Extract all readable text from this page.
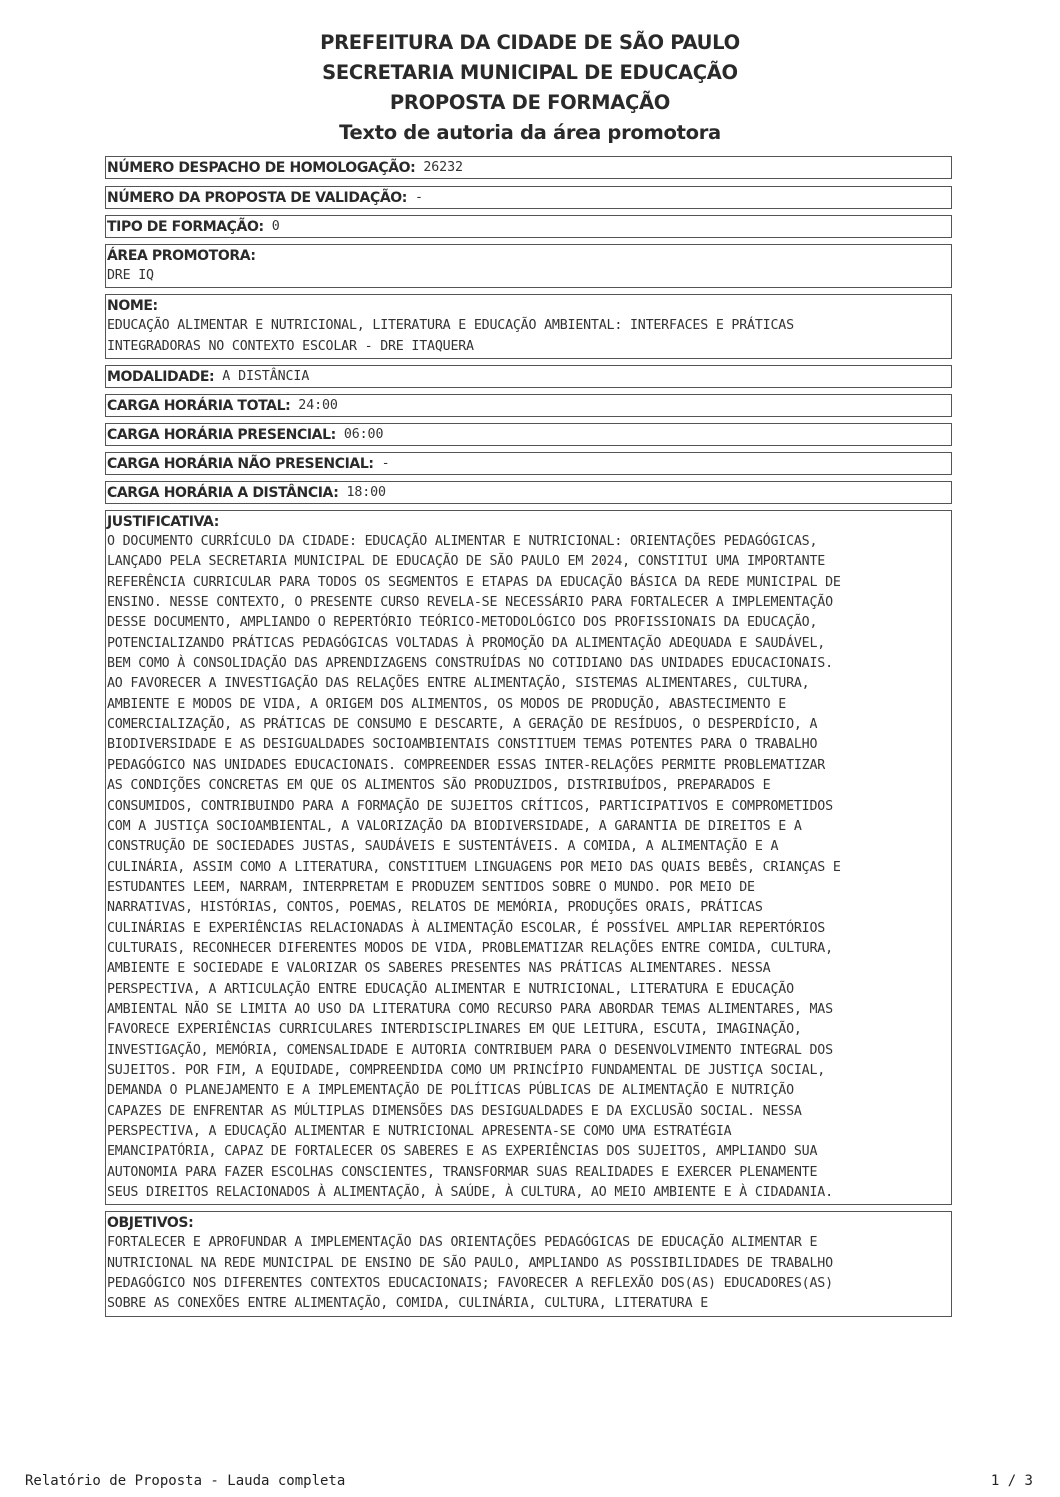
PREFEITURA DA CIDADE DE SÃO PAULO
SECRETARIA MUNICIPAL DE EDUCAÇÃO
PROPOSTA DE FORMAÇÃO
Texto de autoria da área promotora
NÚMERO DESPACHO DE HOMOLOGAÇÃO: 26232
NÚMERO DA PROPOSTA DE VALIDAÇÃO: -
TIPO DE FORMAÇÃO: 0
ÁREA PROMOTORA:
DRE IQ
NOME:
EDUCAÇÃO ALIMENTAR E NUTRICIONAL, LITERATURA E EDUCAÇÃO AMBIENTAL: INTERFACES E PRÁTICAS
INTEGRADORAS NO CONTEXTO ESCOLAR - DRE ITAQUERA
MODALIDADE: A DISTÂNCIA
CARGA HORÁRIA TOTAL: 24:00
CARGA HORÁRIA PRESENCIAL: 06:00
CARGA HORÁRIA NÃO PRESENCIAL: -
CARGA HORÁRIA A DISTÂNCIA: 18:00
JUSTIFICATIVA:
O DOCUMENTO CURRÍCULO DA CIDADE: EDUCAÇÃO ALIMENTAR E NUTRICIONAL: ORIENTAÇÕES PEDAGÓGICAS,
LANÇADO PELA SECRETARIA MUNICIPAL DE EDUCAÇÃO DE SÃO PAULO EM 2024, CONSTITUI UMA IMPORTANTE
REFERÊNCIA CURRICULAR PARA TODOS OS SEGMENTOS E ETAPAS DA EDUCAÇÃO BÁSICA DA REDE MUNICIPAL DE
ENSINO. NESSE CONTEXTO, O PRESENTE CURSO REVELA-SE NECESSÁRIO PARA FORTALECER A IMPLEMENTAÇÃO
DESSE DOCUMENTO, AMPLIANDO O REPERTÓRIO TEÓRICO-METODOLÓGICO DOS PROFISSIONAIS DA EDUCAÇÃO,
POTENCIALIZANDO PRÁTICAS PEDAGÓGICAS VOLTADAS À PROMOÇÃO DA ALIMENTAÇÃO ADEQUADA E SAUDÁVEL,
BEM COMO À CONSOLIDAÇÃO DAS APRENDIZAGENS CONSTRUÍDAS NO COTIDIANO DAS UNIDADES EDUCACIONAIS.
AO FAVORECER A INVESTIGAÇÃO DAS RELAÇÕES ENTRE ALIMENTAÇÃO, SISTEMAS ALIMENTARES, CULTURA,
AMBIENTE E MODOS DE VIDA, A ORIGEM DOS ALIMENTOS, OS MODOS DE PRODUÇÃO, ABASTECIMENTO E
COMERCIALIZAÇÃO, AS PRÁTICAS DE CONSUMO E DESCARTE, A GERAÇÃO DE RESÍDUOS, O DESPERDÍCIO, A
BIODIVERSIDADE E AS DESIGUALDADES SOCIOAMBIENTAIS CONSTITUEM TEMAS POTENTES PARA O TRABALHO
PEDAGÓGICO NAS UNIDADES EDUCACIONAIS. COMPREENDER ESSAS INTER-RELAÇÕES PERMITE PROBLEMATIZAR
AS CONDIÇÕES CONCRETAS EM QUE OS ALIMENTOS SÃO PRODUZIDOS, DISTRIBUÍDOS, PREPARADOS E
CONSUMIDOS, CONTRIBUINDO PARA A FORMAÇÃO DE SUJEITOS CRÍTICOS, PARTICIPATIVOS E COMPROMETIDOS
COM A JUSTIÇA SOCIOAMBIENTAL, A VALORIZAÇÃO DA BIODIVERSIDADE, A GARANTIA DE DIREITOS E A
CONSTRUÇÃO DE SOCIEDADES JUSTAS, SAUDÁVEIS E SUSTENTÁVEIS. A COMIDA, A ALIMENTAÇÃO E A
CULINÁRIA, ASSIM COMO A LITERATURA, CONSTITUEM LINGUAGENS POR MEIO DAS QUAIS BEBÊS, CRIANÇAS E
ESTUDANTES LEEM, NARRAM, INTERPRETAM E PRODUZEM SENTIDOS SOBRE O MUNDO. POR MEIO DE
NARRATIVAS, HISTÓRIAS, CONTOS, POEMAS, RELATOS DE MEMÓRIA, PRODUÇÕES ORAIS, PRÁTICAS
CULINÁRIAS E EXPERIÊNCIAS RELACIONADAS À ALIMENTAÇÃO ESCOLAR, É POSSÍVEL AMPLIAR REPERTÓRIOS
CULTURAIS, RECONHECER DIFERENTES MODOS DE VIDA, PROBLEMATIZAR RELAÇÕES ENTRE COMIDA, CULTURA,
AMBIENTE E SOCIEDADE E VALORIZAR OS SABERES PRESENTES NAS PRÁTICAS ALIMENTARES. NESSA
PERSPECTIVA, A ARTICULAÇÃO ENTRE EDUCAÇÃO ALIMENTAR E NUTRICIONAL, LITERATURA E EDUCAÇÃO
AMBIENTAL NÃO SE LIMITA AO USO DA LITERATURA COMO RECURSO PARA ABORDAR TEMAS ALIMENTARES, MAS
FAVORECE EXPERIÊNCIAS CURRICULARES INTERDISCIPLINARES EM QUE LEITURA, ESCUTA, IMAGINAÇÃO,
INVESTIGAÇÃO, MEMÓRIA, COMENSALIDADE E AUTORIA CONTRIBUEM PARA O DESENVOLVIMENTO INTEGRAL DOS
SUJEITOS. POR FIM, A EQUIDADE, COMPREENDIDA COMO UM PRINCÍPIO FUNDAMENTAL DE JUSTIÇA SOCIAL,
DEMANDA O PLANEJAMENTO E A IMPLEMENTAÇÃO DE POLÍTICAS PÚBLICAS DE ALIMENTAÇÃO E NUTRIÇÃO
CAPAZES DE ENFRENTAR AS MÚLTIPLAS DIMENSÕES DAS DESIGUALDADES E DA EXCLUSÃO SOCIAL. NESSA
PERSPECTIVA, A EDUCAÇÃO ALIMENTAR E NUTRICIONAL APRESENTA-SE COMO UMA ESTRATÉGIA
EMANCIPATÓRIA, CAPAZ DE FORTALECER OS SABERES E AS EXPERIÊNCIAS DOS SUJEITOS, AMPLIANDO SUA
AUTONOMIA PARA FAZER ESCOLHAS CONSCIENTES, TRANSFORMAR SUAS REALIDADES E EXERCER PLENAMENTE
SEUS DIREITOS RELACIONADOS À ALIMENTAÇÃO, À SAÚDE, À CULTURA, AO MEIO AMBIENTE E À CIDADANIA.
OBJETIVOS:
FORTALECER E APROFUNDAR A IMPLEMENTAÇÃO DAS ORIENTAÇÕES PEDAGÓGICAS DE EDUCAÇÃO ALIMENTAR E
NUTRICIONAL NA REDE MUNICIPAL DE ENSINO DE SÃO PAULO, AMPLIANDO AS POSSIBILIDADES DE TRABALHO
PEDAGÓGICO NOS DIFERENTES CONTEXTOS EDUCACIONAIS; FAVORECER A REFLEXÃO DOS(AS) EDUCADORES(AS)
SOBRE AS CONEXÕES ENTRE ALIMENTAÇÃO, COMIDA, CULINÁRIA, CULTURA, LITERATURA E
Relatório de Proposta - Lauda completa	1 / 3
